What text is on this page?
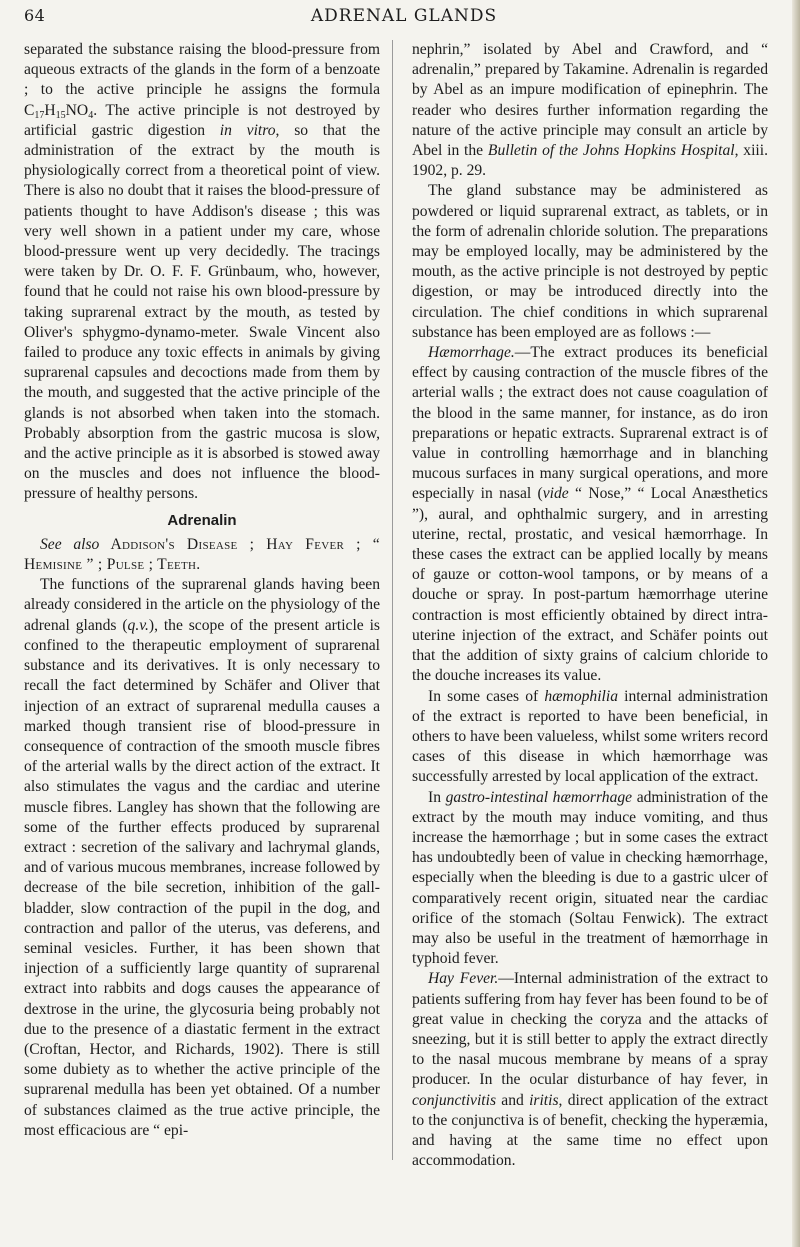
ADRENAL GLANDS
64

separated the substance raising the blood-pressure from aqueous extracts of the glands in the form of a benzoate ; to the active principle he assigns the formula $C_{17}H_{15}NO_4$. The active principle is not destroyed by artificial gastric digestion in vitro, so that the administration of the extract by the mouth is physiologically correct from a theoretical point of view. There is also no doubt that it raises the blood-pressure of patients thought to have Addison's disease ; this was very well shown in a patient under my care, whose blood-pressure went up very decidedly. The tracings were taken by Dr. O. F. F. Grünbaum, who, however, found that he could not raise his own blood-pressure by taking suprarenal extract by the mouth, as tested by Oliver's sphygmo-dynamo-meter. Swale Vincent also failed to produce any toxic effects in animals by giving suprarenal capsules and decoctions made from them by the mouth, and suggested that the active principle of the glands is not absorbed when taken into the stomach. Probably absorption from the gastric mucosa is slow, and the active principle as it is absorbed is stowed away on the muscles and does not influence the blood-pressure of healthy persons.

Adrenalin

See also Addison's Disease ; Hay Fever ; “ Hemisine ” ; Pulse ; Teeth.

The functions of the suprarenal glands having been already considered in the article on the physiology of the adrenal glands (q.v.), the scope of the present article is confined to the therapeutic employment of suprarenal substance and its derivatives. It is only necessary to recall the fact determined by Schäfer and Oliver that injection of an extract of suprarenal medulla causes a marked though transient rise of blood-pressure in consequence of contraction of the smooth muscle fibres of the arterial walls by the direct action of the extract. It also stimulates the vagus and the cardiac and uterine muscle fibres. Langley has shown that the following are some of the further effects produced by suprarenal extract : secretion of the salivary and lachrymal glands, and of various mucous membranes, increase followed by decrease of the bile secretion, inhibition of the gall-bladder, slow contraction of the pupil in the dog, and contraction and pallor of the uterus, vas deferens, and seminal vesicles. Further, it has been shown that injection of a sufficiently large quantity of suprarenal extract into rabbits and dogs causes the appearance of dextrose in the urine, the glycosuria being probably not due to the presence of a diastatic ferment in the extract (Croftan, Hector, and Richards, 1902). There is still some dubiety as to whether the active principle of the suprarenal medulla has been yet obtained. Of a number of substances claimed as the true active principle, the most efficacious are “ epi-

nephrin,” isolated by Abel and Crawford, and “ adrenalin,” prepared by Takamine. Adrenalin is regarded by Abel as an impure modification of epinephrin. The reader who desires further information regarding the nature of the active principle may consult an article by Abel in the Bulletin of the Johns Hopkins Hospital, xiii. 1902, p. 29.

The gland substance may be administered as powdered or liquid suprarenal extract, as tablets, or in the form of adrenalin chloride solution. The preparations may be employed locally, may be administered by the mouth, as the active principle is not destroyed by peptic digestion, or may be introduced directly into the circulation. The chief conditions in which suprarenal substance has been employed are as follows :—

Hæmorrhage.—The extract produces its beneficial effect by causing contraction of the muscle fibres of the arterial walls ; the extract does not cause coagulation of the blood in the same manner, for instance, as do iron preparations or hepatic extracts. Suprarenal extract is of value in controlling hæmorrhage and in blanching mucous surfaces in many surgical operations, and more especially in nasal (vide “ Nose,” “ Local Anæsthetics ”), aural, and ophthalmic surgery, and in arresting uterine, rectal, prostatic, and vesical hæmorrhage. In these cases the extract can be applied locally by means of gauze or cotton-wool tampons, or by means of a douche or spray. In post-partum hæmorrhage uterine contraction is most efficiently obtained by direct intra-uterine injection of the extract, and Schäfer points out that the addition of sixty grains of calcium chloride to the douche increases its value.

In some cases of hæmophilia internal administration of the extract is reported to have been beneficial, in others to have been valueless, whilst some writers record cases of this disease in which hæmorrhage was successfully arrested by local application of the extract.

In gastro-intestinal hæmorrhage administration of the extract by the mouth may induce vomiting, and thus increase the hæmorrhage ; but in some cases the extract has undoubtedly been of value in checking hæmorrhage, especially when the bleeding is due to a gastric ulcer of comparatively recent origin, situated near the cardiac orifice of the stomach (Soltau Fenwick). The extract may also be useful in the treatment of hæmorrhage in typhoid fever.

Hay Fever.—Internal administration of the extract to patients suffering from hay fever has been found to be of great value in checking the coryza and the attacks of sneezing, but it is still better to apply the extract directly to the nasal mucous membrane by means of a spray producer. In the ocular disturbance of hay fever, in conjunctivitis and iritis, direct application of the extract to the conjunctiva is of benefit, checking the hyperæmia, and having at the same time no effect upon accommodation.
